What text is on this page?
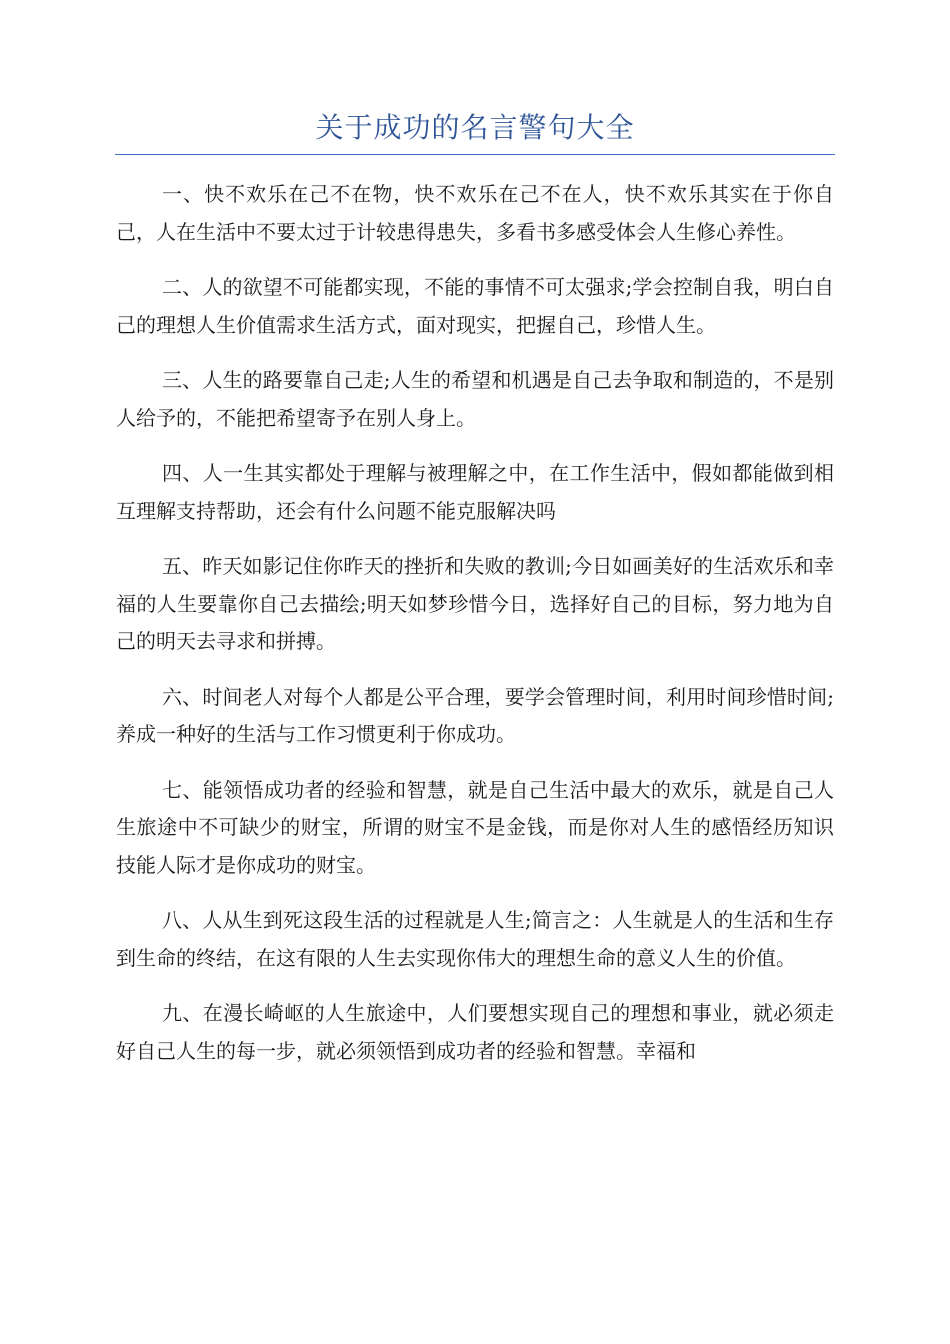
关于成功的名言警句大全

一、快不欢乐在己不在物，快不欢乐在己不在人，快不欢乐其实在于你自己，人在生活中不要太过于计较患得患失，多看书多感受体会人生修心养性。

二、人的欲望不可能都实现，不能的事情不可太强求;学会控制自我，明白自己的理想人生价值需求生活方式，面对现实，把握自己，珍惜人生。

三、人生的路要靠自己走;人生的希望和机遇是自己去争取和制造的，不是别人给予的，不能把希望寄予在别人身上。

四、人一生其实都处于理解与被理解之中，在工作生活中，假如都能做到相互理解支持帮助，还会有什么问题不能克服解决吗

五、昨天如影记住你昨天的挫折和失败的教训;今日如画美好的生活欢乐和幸福的人生要靠你自己去描绘;明天如梦珍惜今日，选择好自己的目标，努力地为自己的明天去寻求和拼搏。

六、时间老人对每个人都是公平合理，要学会管理时间，利用时间珍惜时间;养成一种好的生活与工作习惯更利于你成功。

七、能领悟成功者的经验和智慧，就是自己生活中最大的欢乐，就是自己人生旅途中不可缺少的财宝，所谓的财宝不是金钱，而是你对人生的感悟经历知识技能人际才是你成功的财宝。

八、人从生到死这段生活的过程就是人生;简言之：人生就是人的生活和生存到生命的终结，在这有限的人生去实现你伟大的理想生命的意义人生的价值。

九、在漫长崎岖的人生旅途中，人们要想实现自己的理想和事业，就必须走好自己人生的每一步，就必须领悟到成功者的经验和智慧。幸福和
